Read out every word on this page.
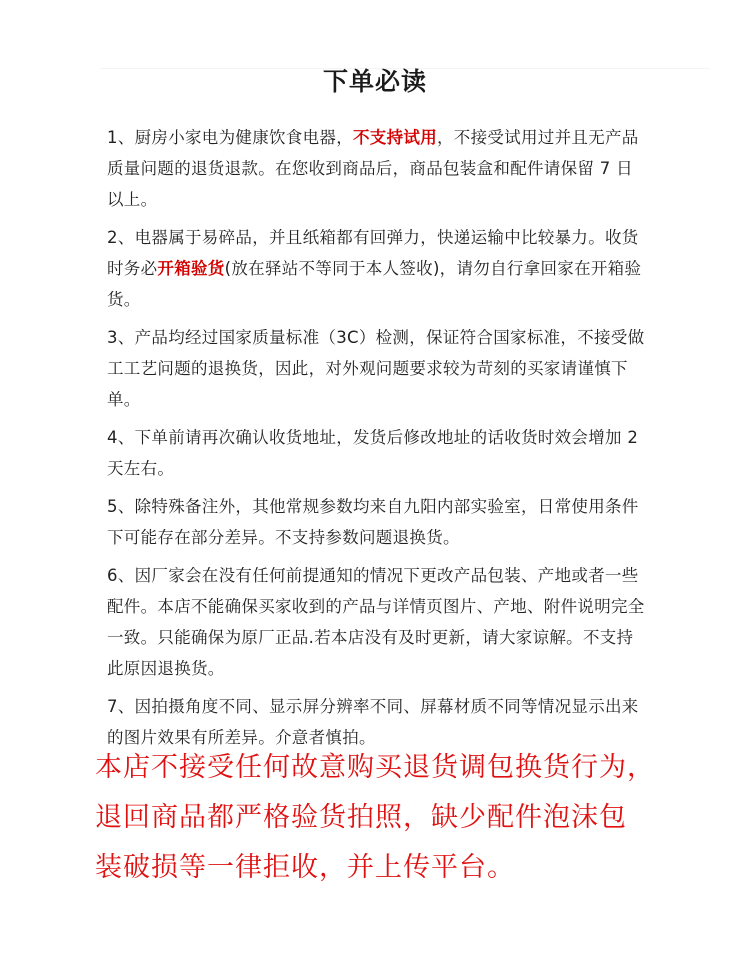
下单必读

1、厨房小家电为健康饮食电器，不支持试用，不接受试用过并且无产品质量问题的退货退款。在您收到商品后，商品包装盒和配件请保留 7 日以上。

2、电器属于易碎品，并且纸箱都有回弹力，快递运输中比较暴力。收货时务必开箱验货(放在驿站不等同于本人签收)，请勿自行拿回家在开箱验货。

3、产品均经过国家质量标准（3C）检测，保证符合国家标准，不接受做工工艺问题的退换货，因此，对外观问题要求较为苛刻的买家请谨慎下单。

4、下单前请再次确认收货地址，发货后修改地址的话收货时效会增加 2 天左右。

5、除特殊备注外，其他常规参数均来自九阳内部实验室，日常使用条件下可能存在部分差异。不支持参数问题退换货。

6、因厂家会在没有任何前提通知的情况下更改产品包装、产地或者一些配件。本店不能确保买家收到的产品与详情页图片、产地、附件说明完全一致。只能确保为原厂正品.若本店没有及时更新，请大家谅解。不支持此原因退换货。

7、因拍摄角度不同、显示屏分辨率不同、屏幕材质不同等情况显示出来的图片效果有所差异。介意者慎拍。

本店不接受任何故意购买退货调包换货行为，
退回商品都严格验货拍照，缺少配件泡沫包
装破损等一律拒收，并上传平台。
